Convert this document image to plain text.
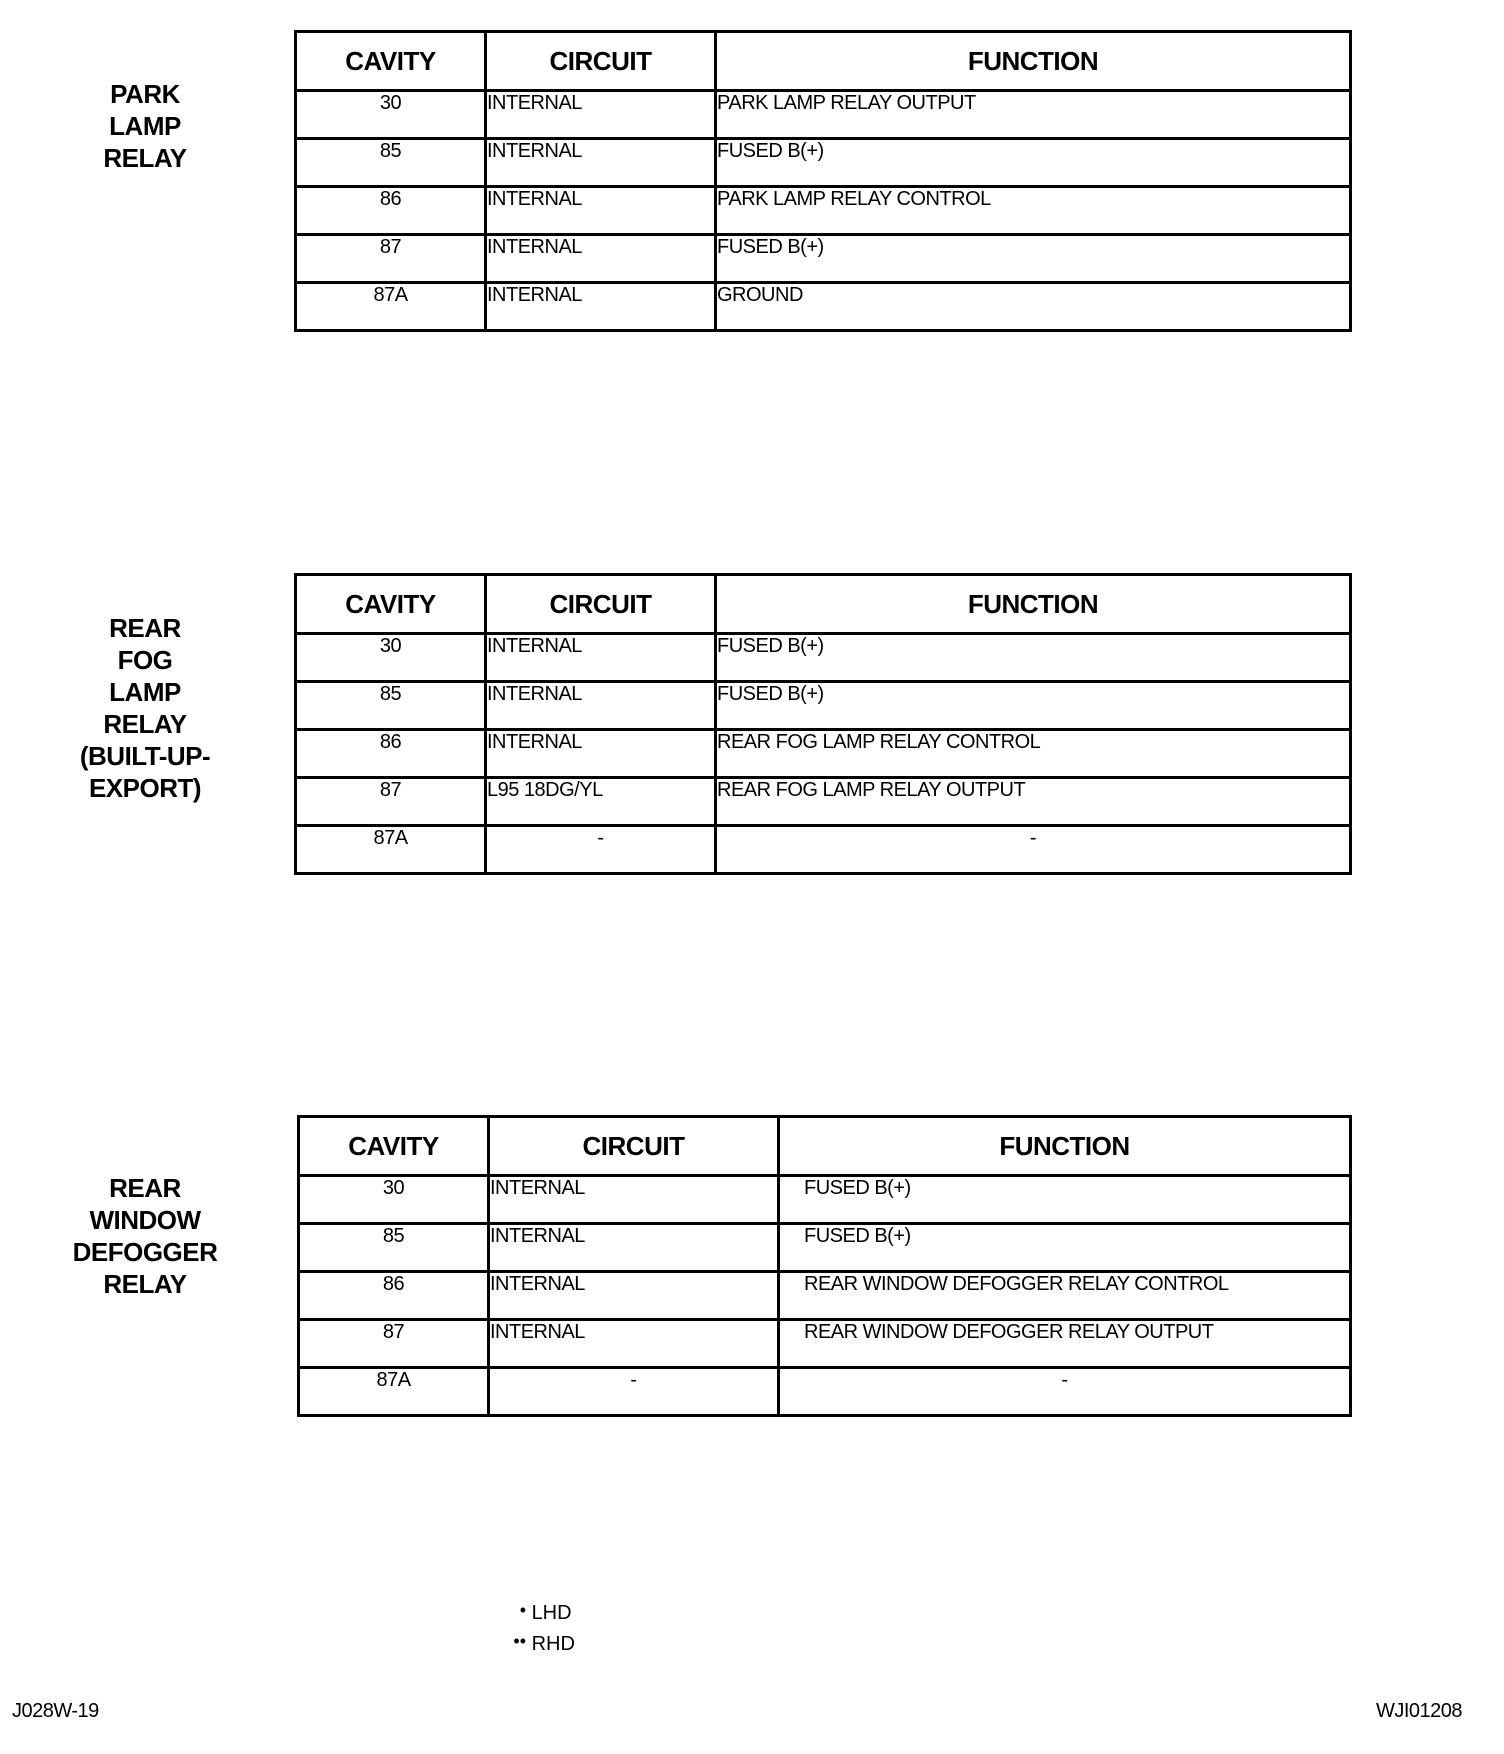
PARK
LAMP
RELAY
CAVITY	CIRCUIT	FUNCTION
30	INTERNAL	PARK LAMP RELAY OUTPUT
85	INTERNAL	FUSED B(+)
86	INTERNAL	PARK LAMP RELAY CONTROL
87	INTERNAL	FUSED B(+)
87A	INTERNAL	GROUND
REAR
FOG
LAMP
RELAY
(BUILT-UP-
EXPORT)
CAVITY	CIRCUIT	FUNCTION
30	INTERNAL	FUSED B(+)
85	INTERNAL	FUSED B(+)
86	INTERNAL	REAR FOG LAMP RELAY CONTROL
87	L95 18DG/YL	REAR FOG LAMP RELAY OUTPUT
87A	-	-
REAR
WINDOW
DEFOGGER
RELAY
CAVITY	CIRCUIT	FUNCTION
30	INTERNAL	FUSED B(+)
85	INTERNAL	FUSED B(+)
86	INTERNAL	REAR WINDOW DEFOGGER RELAY CONTROL
87	INTERNAL	REAR WINDOW DEFOGGER RELAY OUTPUT
87A	-	-
• LHD
•• RHD
J028W-19	WJI01208
